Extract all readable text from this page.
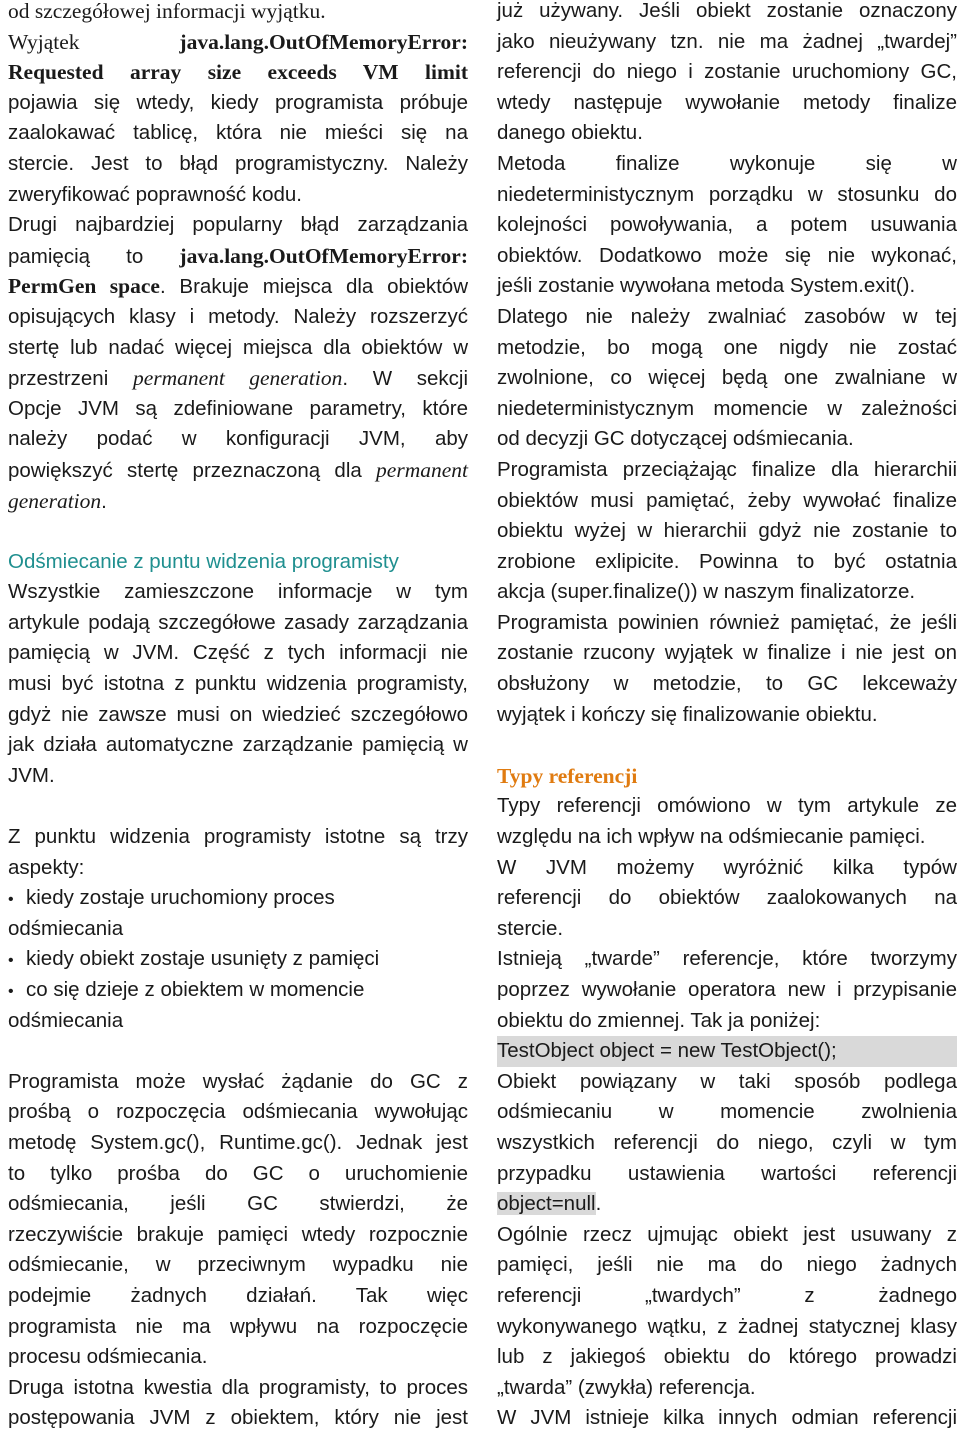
od szczegółowej informacji wyjątku.
Wyjątek	java.lang.OutOfMemoryError:
Requested array size exceeds VM limit
pojawia się wtedy, kiedy programista próbuje
zaalokawać tablicę, która nie mieści się na
stercie. Jest to błąd programistyczny. Należy
zweryfikować poprawność kodu.
Drugi najbardziej popularny błąd zarządzania
pamięcią to java.lang.OutOfMemoryError:
PermGen space. Brakuje miejsca dla obiektów
opisujących klasy i metody. Należy rozszerzyć
stertę lub nadać więcej miejsca dla obiektów w
przestrzeni permanent generation. W sekcji
Opcje JVM są zdefiniowane parametry, które
należy podać w konfiguracji JVM, aby
powiększyć stertę przeznaczoną dla permanent
generation.
Odśmiecanie z puntu widzenia programisty
Wszystkie zamieszczone informacje w tym
artykule podają szczegółowe zasady zarządzania
pamięcią w JVM. Część z tych informacji nie
musi być istotna z punktu widzenia programisty,
gdyż nie zawsze musi on wiedzieć szczegółowo
jak działa automatyczne zarządzanie pamięcią w
JVM.
Z punktu widzenia programisty istotne są trzy
aspekty:
• kiedy zostaje uruchomiony proces
odśmiecania
• kiedy obiekt zostaje usunięty z pamięci
• co się dzieje z obiektem w momencie
odśmiecania
Programista może wysłać żądanie do GC z
prośbą o rozpoczęcia odśmiecania wywołując
metodę System.gc(), Runtime.gc(). Jednak jest
to tylko prośba do GC o uruchomienie
odśmiecania, jeśli GC stwierdzi, że
rzeczywiście brakuje pamięci wtedy rozpocznie
odśmiecanie, w przeciwnym wypadku nie
podejmie żadnych działań. Tak więc
programista nie ma wpływu na rozpoczęcie
procesu odśmiecania.
Druga istotna kwestia dla programisty, to proces
postępowania JVM z obiektem, który nie jest
już używany. Jeśli obiekt zostanie oznaczony
jako nieużywany tzn. nie ma żadnej „twardej”
referencji do niego i zostanie uruchomiony GC,
wtedy następuje wywołanie metody finalize
danego obiektu.
Metoda finalize wykonuje się w
niedeterministycznym porządku w stosunku do
kolejności powoływania, a potem usuwania
obiektów. Dodatkowo może się nie wykonać,
jeśli zostanie wywołana metoda System.exit().
Dlatego nie należy zwalniać zasobów w tej
metodzie, bo mogą one nigdy nie zostać
zwolnione, co więcej będą one zwalniane w
niedeterministycznym momencie w zależności
od decyzji GC dotyczącej odśmiecania.
Programista przeciążając finalize dla hierarchii
obiektów musi pamiętać, żeby wywołać finalize
obiektu wyżej w hierarchii gdyż nie zostanie to
zrobione exlipicite. Powinna to być ostatnia
akcja (super.finalize()) w naszym finalizatorze.
Programista powinien również pamiętać, że jeśli
zostanie rzucony wyjątek w finalize i nie jest on
obsłużony w metodzie, to GC lekceważy
wyjątek i kończy się finalizowanie obiektu.
Typy referencji
Typy referencji omówiono w tym artykule ze
względu na ich wpływ na odśmiecanie pamięci.
W JVM możemy wyróżnić kilka typów
referencji do obiektów zaalokowanych na
stercie.
Istnieją „twarde” referencje, które tworzymy
poprzez wywołanie operatora new i przypisanie
obiektu do zmiennej. Tak ja poniżej:
TestObject object = new TestObject();
Obiekt powiązany w taki sposób podlega
odśmiecaniu w momencie zwolnienia
wszystkich referencji do niego, czyli w tym
przypadku ustawienia wartości referencji
object=null.
Ogólnie rzecz ujmując obiekt jest usuwany z
pamięci, jeśli nie ma do niego żadnych
referencji „twardych” z żadnego
wykonywanego wątku, z żadnej statycznej klasy
lub z jakiegoś obiektu do którego prowadzi
„twarda” (zwykła) referencja.
W JVM istnieje kilka innych odmian referencji
